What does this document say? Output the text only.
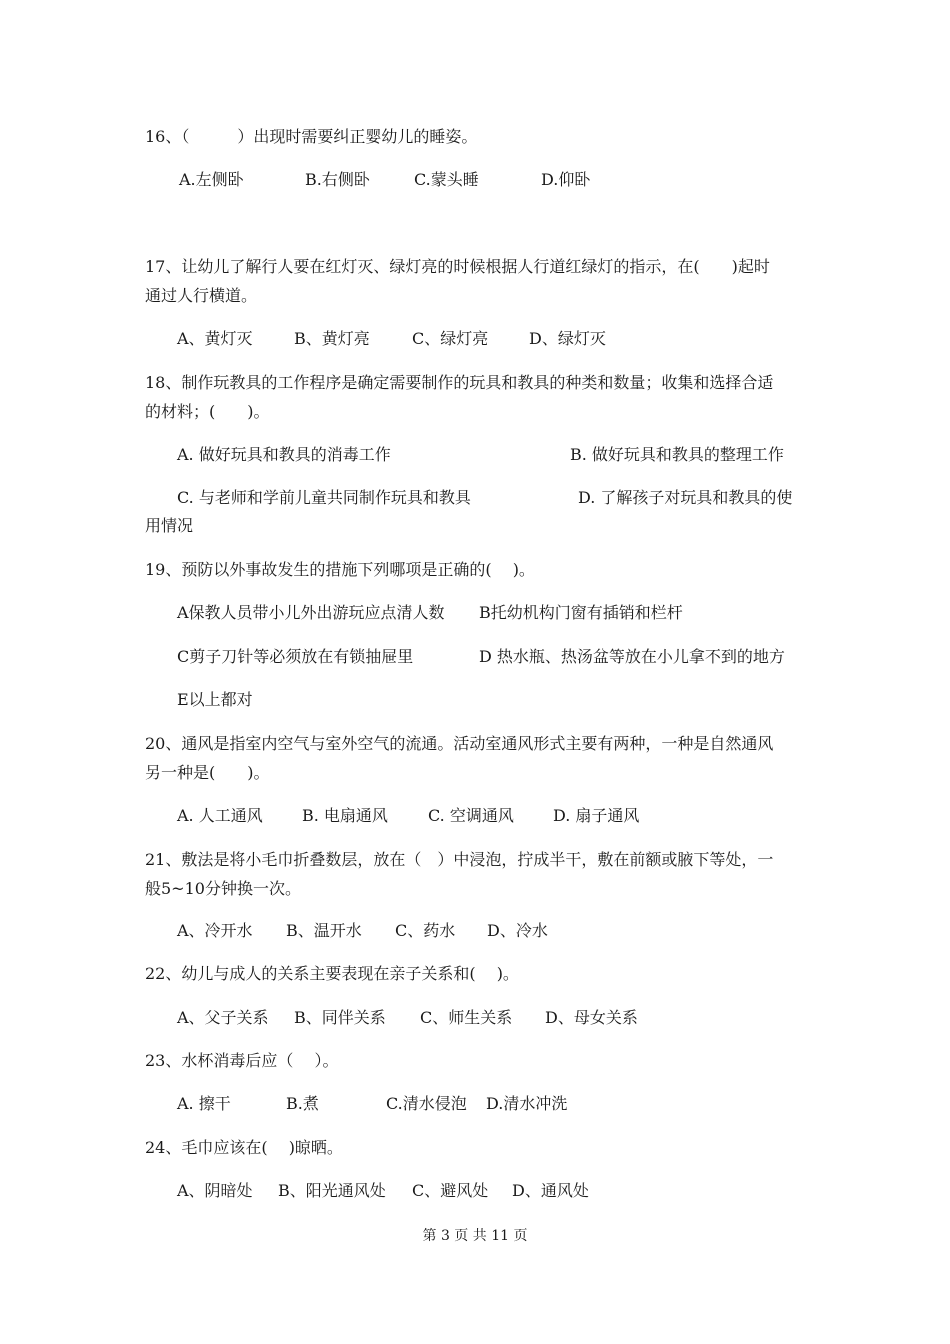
16、（　　　）出现时需要纠正婴幼儿的睡姿。
A.左侧卧	B.右侧卧	C.蒙头睡	D.仰卧
17、让幼儿了解行人要在红灯灭、绿灯亮的时候根据人行道红绿灯的指示，在(　　)起时
通过人行横道。
A、黄灯灭	B、黄灯亮	C、绿灯亮	D、绿灯灭
18、制作玩教具的工作程序是确定需要制作的玩具和教具的种类和数量；收集和选择合适
的材料；(　　)。
A. 做好玩具和教具的消毒工作	B. 做好玩具和教具的整理工作
C. 与老师和学前儿童共同制作玩具和教具	D. 了解孩子对玩具和教具的使
用情况
19、预防以外事故发生的措施下列哪项是正确的(　 )。
A保教人员带小儿外出游玩应点清人数 B托幼机构门窗有插销和栏杆
C剪子刀针等必须放在有锁抽屉里	D 热水瓶、热汤盆等放在小儿拿不到的地方
E以上都对
20、通风是指室内空气与室外空气的流通。活动室通风形式主要有两种，一种是自然通风
另一种是(　　)。
A. 人工通风 B. 电扇通风	C. 空调通风 D. 扇子通风
21、敷法是将小毛巾折叠数层，放在（　）中浸泡，拧成半干，敷在前额或腋下等处，一
般5~10分钟换一次。
A、冷开水 B、温开水 C、药水 D、冷水
22、幼儿与成人的关系主要表现在亲子关系和(　 )。
A、父子关系 B、同伴关系 C、师生关系 D、母女关系
23、水杯消毒后应（　 ）。
A. 擦干	B.煮	C.清水侵泡 D.清水冲洗
24、毛巾应该在(　 )晾晒。
A、阴暗处 B、阳光通风处 C、避风处 D、通风处
第 3 页 共 11 页
